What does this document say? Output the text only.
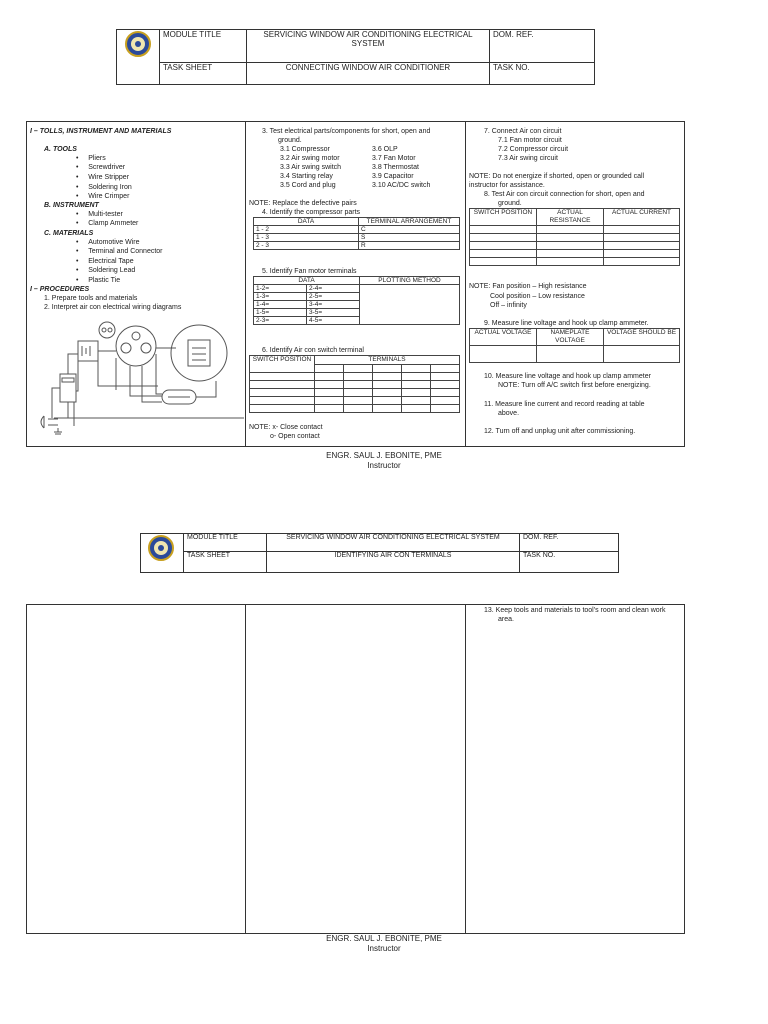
	MODULE TITLE	SERVICING WINDOW AIR CONDITIONING ELECTRICAL SYSTEM	DOM. REF.
	TASK SHEET	CONNECTING WINDOW AIR CONDITIONER	TASK NO.
I – TOLLS, INSTRUMENT AND MATERIALS
A. TOOLS
•     Pliers
•     Screwdriver
•     Wire Stripper
•     Soldering Iron
•     Wire Crimper
B. INSTRUMENT
•     Multi-tester
•     Clamp Ammeter
C. MATERIALS
•     Automotive Wire
•     Terminal and Connector
•     Electrical Tape
•     Soldering Lead
•     Plastic Tie
I – PROCEDURES
1. Prepare tools and materials
2. Interpret air con electrical wiring diagrams
3. Test electrical parts/components for short, open and
ground.
3.1 Compressor
3.2 Air swing motor
3.3 Air swing switch
3.4 Starting relay
3.5 Cord and plug
3.6 OLP
3.7 Fan Motor
3.8 Thermostat
3.9 Capacitor
3.10 AC/DC switch
NOTE: Replace the defective pairs
4. Identify the compressor parts
DATA	TERMINAL ARRANGEMENT
1 - 2	C
1 - 3	S
2 - 3	R
5. Identify Fan motor terminals
DATA		PLOTTING METHOD
1-2=	2-4=	
1-3=	2-5=	
1-4=	3-4=	
1-5=	3-5=	
2-3=	4-5=	
6. Identify Air con switch terminal
SWITCH POSITION	TERMINALS				

NOTE: x- Close contact
o- Open contact
7. Connect Air con circuit
7.1 Fan motor circuit
7.2 Compressor circuit
7.3 Air swing circuit
NOTE: Do not energize if shorted, open or grounded call
instructor for assistance.
8. Test Air con circuit connection for short, open and
ground.
SWITCH POSITION	ACTUAL RESISTANCE	ACTUAL CURRENT

NOTE: Fan position – High resistance
Cool position – Low resistance
Off – infinity
9. Measure line voltage and hook up clamp ammeter.
ACTUAL VOLTAGE	NAMEPLATE VOLTAGE	VOLTAGE SHOULD BE

10. Measure line voltage and hook up clamp ammeter
NOTE: Turn off A/C switch first before energizing.
11. Measure line current and record reading at table
above.
12. Turn off and unplug unit after commissioning.
ENGR. SAUL J. EBONITE, PME
Instructor
	MODULE TITLE	SERVICING WINDOW AIR CONDITIONING ELECTRICAL SYSTEM	DOM. REF.
	TASK SHEET	IDENTIFYING AIR CON TERMINALS	TASK NO.
13. Keep tools and materials to tool's room and clean work
area.
ENGR. SAUL J. EBONITE, PME
Instructor
